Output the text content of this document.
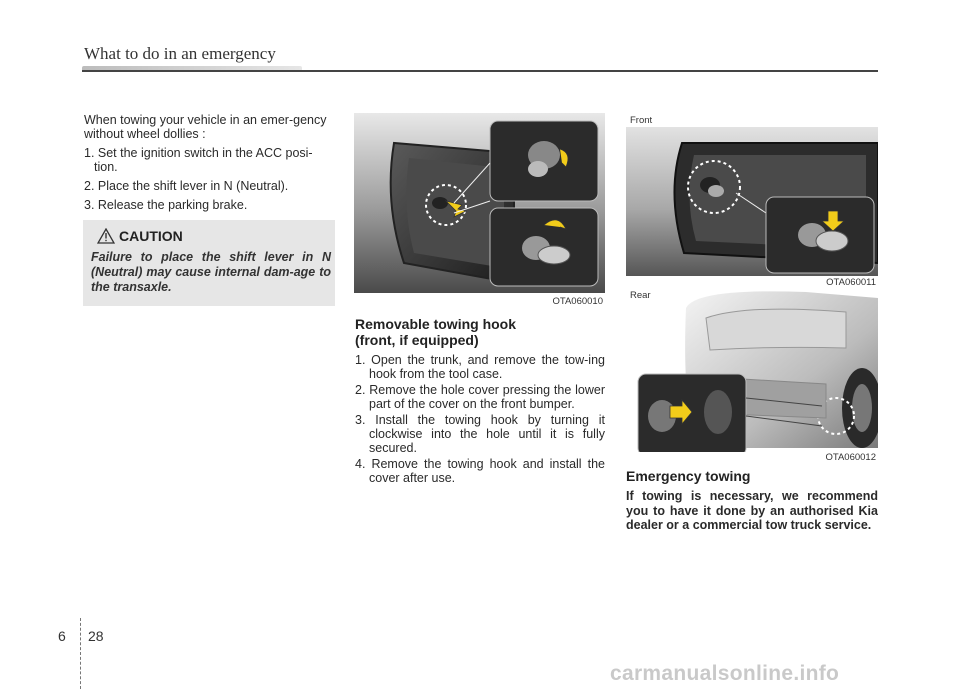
What to do in an emergency

When towing your vehicle in an emer-gency without wheel dollies :

1. Set the ignition switch in the ACC posi-tion.

2. Place the shift lever in N (Neutral).

3. Release the parking brake.

CAUTION
Failure to place the shift lever in N (Neutral) may cause internal dam-age to the transaxle.
OTA060010
Removable towing hook
(front, if equipped)
1. Open the trunk, and remove the tow-ing hook from the tool case.
2. Remove the hole cover pressing the lower part of the cover on the front bumper.
3. Install the towing hook by turning it clockwise into the hole until it is fully secured.
4. Remove the towing hook and install the cover after use.
Front
OTA060011
Rear
OTA060012
Emergency towing
If towing is necessary, we recommend you to have it done by an authorised Kia dealer or a commercial tow truck service.
6 28
carmanualsonline.info
